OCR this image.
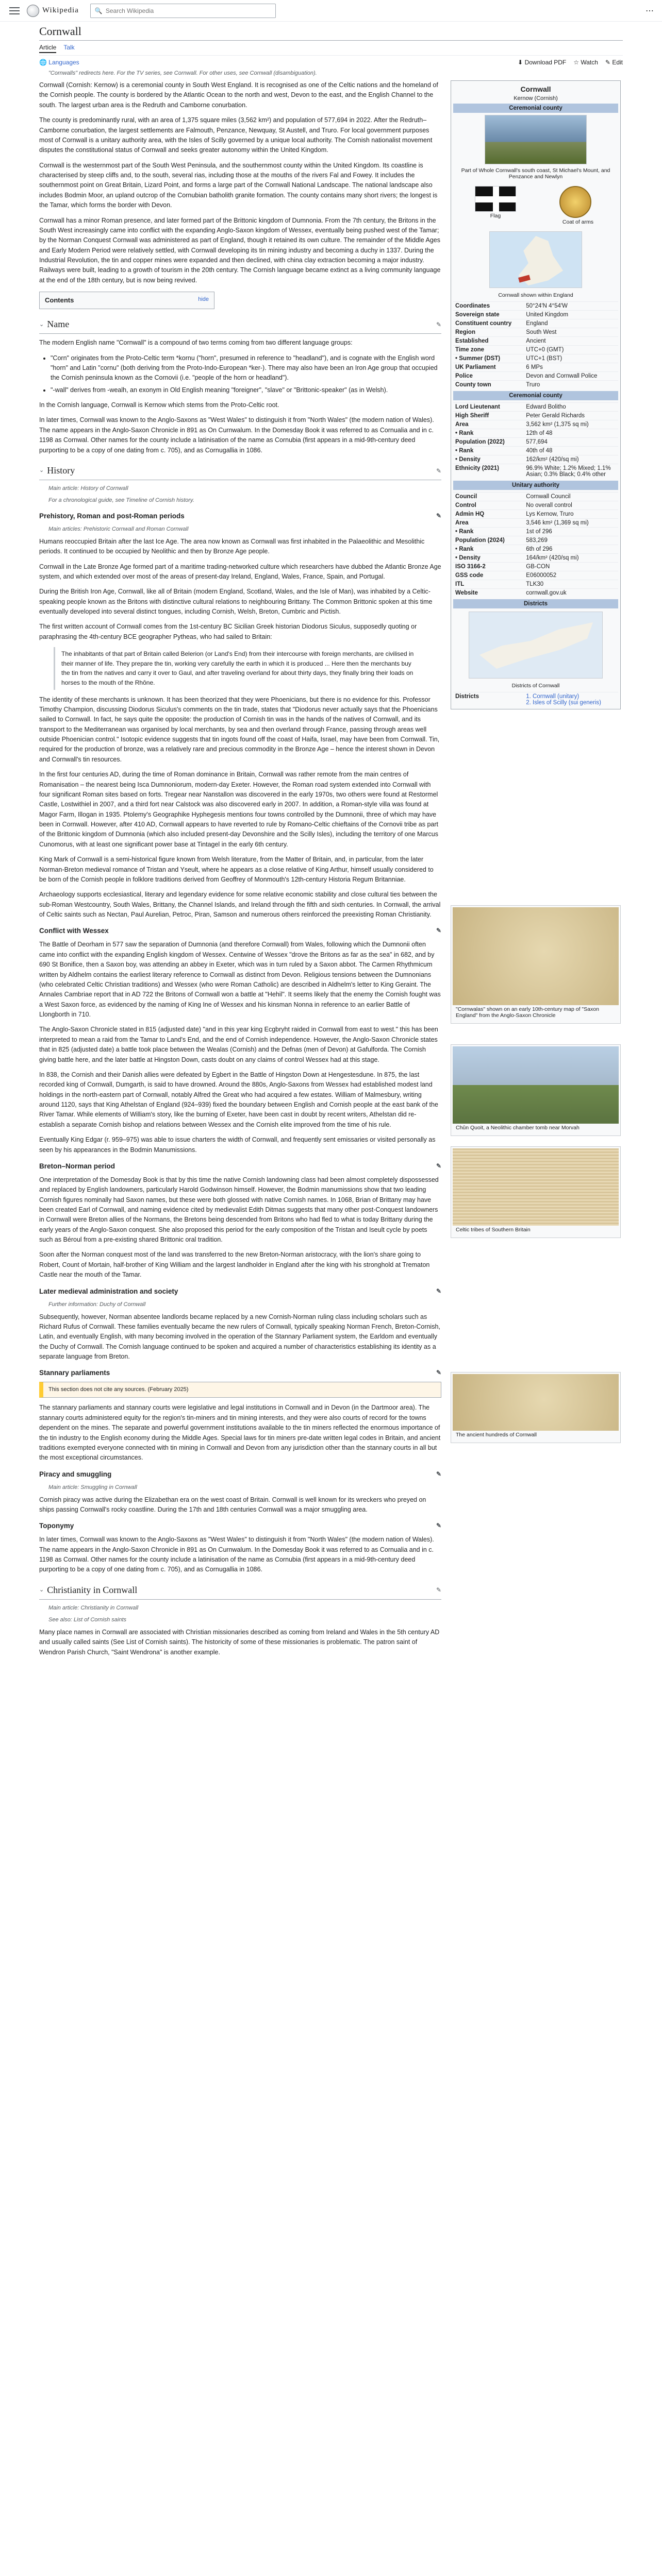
Wikipedia	🔍
Search Wikipedia	⋯
Cornwall
Article Talk
🌐 Languages	⬇ Download PDF ☆ Watch ✎ Edit
"Cornwalls" redirects here. For the TV series, see Cornwall. For other uses, see Cornwall (disambiguation).

Cornwall (Cornish: Kernow) is a ceremonial county in South West England. It is recognised as one of the Celtic nations and the homeland of the Cornish people. The county is bordered by the Atlantic Ocean to the north and west, Devon to the east, and the English Channel to the south. The largest urban area is the Redruth and Camborne conurbation.

The county is predominantly rural, with an area of 1,375 square miles (3,562 km²) and population of 577,694 in 2022. After the Redruth–Camborne conurbation, the largest settlements are Falmouth, Penzance, Newquay, St Austell, and Truro. For local government purposes most of Cornwall is a unitary authority area, with the Isles of Scilly governed by a unique local authority. The Cornish nationalist movement disputes the constitutional status of Cornwall and seeks greater autonomy within the United Kingdom.

Cornwall is the westernmost part of the South West Peninsula, and the southernmost county within the United Kingdom. Its coastline is characterised by steep cliffs and, to the south, several rias, including those at the mouths of the rivers Fal and Fowey. It includes the southernmost point on Great Britain, Lizard Point, and forms a large part of the Cornwall National Landscape. The national landscape also includes Bodmin Moor, an upland outcrop of the Cornubian batholith granite formation. The county contains many short rivers; the longest is the Tamar, which forms the border with Devon.

Cornwall has a minor Roman presence, and later formed part of the Brittonic kingdom of Dumnonia. From the 7th century, the Britons in the South West increasingly came into conflict with the expanding Anglo-Saxon kingdom of Wessex, eventually being pushed west of the Tamar; by the Norman Conquest Cornwall was administered as part of England, though it retained its own culture. The remainder of the Middle Ages and Early Modern Period were relatively settled, with Cornwall developing its tin mining industry and becoming a duchy in 1337. During the Industrial Revolution, the tin and copper mines were expanded and then declined, with china clay extraction becoming a major industry. Railways were built, leading to a growth of tourism in the 20th century. The Cornish language became extinct as a living community language at the end of the 18th century, but is now being revived.

Contents	hide
⌄ Name	✎

The modern English name "Cornwall" is a compound of two terms coming from two different language groups:

• "Corn" originates from the Proto-Celtic term *kornu ("horn", presumed in reference to "headland"), and is cognate with the English word "horn" and Latin "cornu" (both deriving from the Proto-Indo-European *ker-). There may also have been an Iron Age group that occupied the Cornish peninsula known as the Cornovii (i.e. "people of the horn or headland").
• "-wall" derives from -wealh, an exonym in Old English meaning "foreigner", "slave" or "Brittonic-speaker" (as in Welsh).

In the Cornish language, Cornwall is Kernow which stems from the Proto-Celtic root.

In later times, Cornwall was known to the Anglo-Saxons as "West Wales" to distinguish it from "North Wales" (the modern nation of Wales). The name appears in the Anglo-Saxon Chronicle in 891 as On Curnwalum. In the Domesday Book it was referred to as Cornualia and in c. 1198 as Cornwal. Other names for the county include a latinisation of the name as Cornubia (first appears in a mid-9th-century deed purporting to be a copy of one dating from c. 705), and as Cornugallia in 1086.

⌄ History	✎
Main article: History of Cornwall
For a chronological guide, see Timeline of Cornish history.
Prehistory, Roman and post-Roman periods	✎
Main articles: Prehistoric Cornwall and Roman Cornwall

Humans reoccupied Britain after the last Ice Age. The area now known as Cornwall was first inhabited in the Palaeolithic and Mesolithic periods. It continued to be occupied by Neolithic and then by Bronze Age people.

Cornwall in the Late Bronze Age formed part of a maritime trading-networked culture which researchers have dubbed the Atlantic Bronze Age system, and which extended over most of the areas of present-day Ireland, England, Wales, France, Spain, and Portugal.

During the British Iron Age, Cornwall, like all of Britain (modern England, Scotland, Wales, and the Isle of Man), was inhabited by a Celtic-speaking people known as the Britons with distinctive cultural relations to neighbouring Brittany. The Common Brittonic spoken at this time eventually developed into several distinct tongues, including Cornish, Welsh, Breton, Cumbric and Pictish.

The first written account of Cornwall comes from the 1st-century BC Sicilian Greek historian Diodorus Siculus, supposedly quoting or paraphrasing the 4th-century BCE geographer Pytheas, who had sailed to Britain:

The inhabitants of that part of Britain called Belerion (or Land's End) from their intercourse with foreign merchants, are civilised in their manner of life. They prepare the tin, working very carefully the earth in which it is produced ... Here then the merchants buy the tin from the natives and carry it over to Gaul, and after traveling overland for about thirty days, they finally bring their loads on horses to the mouth of the Rhône.

The identity of these merchants is unknown. It has been theorized that they were Phoenicians, but there is no evidence for this. Professor Timothy Champion, discussing Diodorus Siculus's comments on the tin trade, states that "Diodorus never actually says that the Phoenicians sailed to Cornwall. In fact, he says quite the opposite: the production of Cornish tin was in the hands of the natives of Cornwall, and its transport to the Mediterranean was organised by local merchants, by sea and then overland through France, passing through areas well outside Phoenician control." Isotopic evidence suggests that tin ingots found off the coast of Haifa, Israel, may have been from Cornwall. Tin, required for the production of bronze, was a relatively rare and precious commodity in the Bronze Age – hence the interest shown in Devon and Cornwall's tin resources.

In the first four centuries AD, during the time of Roman dominance in Britain, Cornwall was rather remote from the main centres of Romanisation – the nearest being Isca Dumnoniorum, modern-day Exeter. However, the Roman road system extended into Cornwall with four significant Roman sites based on forts. Tregear near Nanstallon was discovered in the early 1970s, two others were found at Restormel Castle, Lostwithiel in 2007, and a third fort near Calstock was also discovered early in 2007. In addition, a Roman-style villa was found at Magor Farm, Illogan in 1935. Ptolemy's Geographike Hyphegesis mentions four towns controlled by the Dumnonii, three of which may have been in Cornwall. However, after 410 AD, Cornwall appears to have reverted to rule by Romano-Celtic chieftains of the Cornovii tribe as part of the Brittonic kingdom of Dumnonia (which also included present-day Devonshire and the Scilly Isles), including the territory of one Marcus Cunomorus, with at least one significant power base at Tintagel in the early 6th century.

King Mark of Cornwall is a semi-historical figure known from Welsh literature, from the Matter of Britain, and, in particular, from the later Norman-Breton medieval romance of Tristan and Yseult, where he appears as a close relative of King Arthur, himself usually considered to be born of the Cornish people in folklore traditions derived from Geoffrey of Monmouth's 12th-century Historia Regum Britanniae.

Archaeology supports ecclesiastical, literary and legendary evidence for some relative economic stability and close cultural ties between the sub-Roman Westcountry, South Wales, Brittany, the Channel Islands, and Ireland through the fifth and sixth centuries. In Cornwall, the arrival of Celtic saints such as Nectan, Paul Aurelian, Petroc, Piran, Samson and numerous others reinforced the preexisting Roman Christianity.

Conflict with Wessex	✎

The Battle of Deorham in 577 saw the separation of Dumnonia (and therefore Cornwall) from Wales, following which the Dumnonii often came into conflict with the expanding English kingdom of Wessex. Centwine of Wessex "drove the Britons as far as the sea" in 682, and by 690 St Bonifice, then a Saxon boy, was attending an abbey in Exeter, which was in turn ruled by a Saxon abbot. The Carmen Rhythmicum written by Aldhelm contains the earliest literary reference to Cornwall as distinct from Devon. Religious tensions between the Dumnonians (who celebrated Celtic Christian traditions) and Wessex (who were Roman Catholic) are described in Aldhelm's letter to King Geraint. The Annales Cambriae report that in AD 722 the Britons of Cornwall won a battle at "Hehil". It seems likely that the enemy the Cornish fought was a West Saxon force, as evidenced by the naming of King Ine of Wessex and his kinsman Nonna in reference to an earlier Battle of Llongborth in 710.

The Anglo-Saxon Chronicle stated in 815 (adjusted date) "and in this year king Ecgbryht raided in Cornwall from east to west." this has been interpreted to mean a raid from the Tamar to Land's End, and the end of Cornish independence. However, the Anglo-Saxon Chronicle states that in 825 (adjusted date) a battle took place between the Wealas (Cornish) and the Defnas (men of Devon) at Gafulforda. The Cornish giving battle here, and the later battle at Hingston Down, casts doubt on any claims of control Wessex had at this stage.

In 838, the Cornish and their Danish allies were defeated by Egbert in the Battle of Hingston Down at Hengestesdune. In 875, the last recorded king of Cornwall, Dumgarth, is said to have drowned. Around the 880s, Anglo-Saxons from Wessex had established modest land holdings in the north-eastern part of Cornwall, notably Alfred the Great who had acquired a few estates. William of Malmesbury, writing around 1120, says that King Athelstan of England (924–939) fixed the boundary between English and Cornish people at the east bank of the River Tamar. While elements of William's story, like the burning of Exeter, have been cast in doubt by recent writers, Athelstan did re-establish a separate Cornish bishop and relations between Wessex and the Cornish elite improved from the time of his rule.

Eventually King Edgar (r. 959–975) was able to issue charters the width of Cornwall, and frequently sent emissaries or visited personally as seen by his appearances in the Bodmin Manumissions.

Breton–Norman period	✎

One interpretation of the Domesday Book is that by this time the native Cornish landowning class had been almost completely dispossessed and replaced by English landowners, particularly Harold Godwinson himself. However, the Bodmin manumissions show that two leading Cornish figures nominally had Saxon names, but these were both glossed with native Cornish names. In 1068, Brian of Brittany may have been created Earl of Cornwall, and naming evidence cited by medievalist Edith Ditmas suggests that many other post-Conquest landowners in Cornwall were Breton allies of the Normans, the Bretons being descended from Britons who had fled to what is today Brittany during the early years of the Anglo-Saxon conquest. She also proposed this period for the early composition of the Tristan and Iseult cycle by poets such as Béroul from a pre-existing shared Brittonic oral tradition.

Soon after the Norman conquest most of the land was transferred to the new Breton-Norman aristocracy, with the lion's share going to Robert, Count of Mortain, half-brother of King William and the largest landholder in England after the king with his stronghold at Trematon Castle near the mouth of the Tamar.

Later medieval administration and society	✎
Further information: Duchy of Cornwall

Subsequently, however, Norman absentee landlords became replaced by a new Cornish-Norman ruling class including scholars such as Richard Rufus of Cornwall. These families eventually became the new rulers of Cornwall, typically speaking Norman French, Breton-Cornish, Latin, and eventually English, with many becoming involved in the operation of the Stannary Parliament system, the Earldom and eventually the Duchy of Cornwall. The Cornish language continued to be spoken and acquired a number of characteristics establishing its identity as a separate language from Breton.

Stannary parliaments	✎
This section does not cite any sources. (February 2025)

The stannary parliaments and stannary courts were legislative and legal institutions in Cornwall and in Devon (in the Dartmoor area). The stannary courts administered equity for the region's tin-miners and tin mining interests, and they were also courts of record for the towns dependent on the mines. The separate and powerful government institutions available to the tin miners reflected the enormous importance of the tin industry to the English economy during the Middle Ages. Special laws for tin miners pre-date written legal codes in Britain, and ancient traditions exempted everyone connected with tin mining in Cornwall and Devon from any jurisdiction other than the stannary courts in all but the most exceptional circumstances.

Piracy and smuggling	✎
Main article: Smuggling in Cornwall

Cornish piracy was active during the Elizabethan era on the west coast of Britain. Cornwall is well known for its wreckers who preyed on ships passing Cornwall's rocky coastline. During the 17th and 18th centuries Cornwall was a major smuggling area.

Toponymy	✎

In later times, Cornwall was known to the Anglo-Saxons as "West Wales" to distinguish it from "North Wales" (the modern nation of Wales). The name appears in the Anglo-Saxon Chronicle in 891 as On Curnwalum. In the Domesday Book it was referred to as Cornualia and in c. 1198 as Cornwal. Other names for the county include a latinisation of the name as Cornubia (first appears in a mid-9th-century deed purporting to be a copy of one dating from c. 705), and as Cornugallia in 1086.

⌄ Christianity in Cornwall	✎
Main article: Christianity in Cornwall
See also: List of Cornish saints

Many place names in Cornwall are associated with Christian missionaries described as coming from Ireland and Wales in the 5th century AD and usually called saints (See List of Cornish saints). The historicity of some of these missionaries is problematic. The patron saint of Wendron Parish Church, "Saint Wendrona" is another example.

Cornwall
Kernow (Cornish)
Ceremonial county
Part of Whole Cornwall's south coast, St Michael's Mount, and Penzance and Newlyn
Flag
Coat of arms
Cornwall shown within England
Coordinates	50°24′N 4°54′W
Sovereign state	United Kingdom
Constituent country	England
Region	South West
Established	Ancient
Time zone	UTC+0 (GMT)
• Summer (DST)	UTC+1 (BST)
UK Parliament	6 MPs
Police	Devon and Cornwall Police
County town	Truro
Ceremonial county
Lord Lieutenant	Edward Bolitho
High Sheriff	Peter Gerald Richards
Area	3,562 km² (1,375 sq mi)
• Rank	12th of 48
Population (2022)	577,694
• Rank	40th of 48
• Density	162/km² (420/sq mi)
Ethnicity (2021)	96.9% White; 1.2% Mixed; 1.1% Asian; 0.3% Black; 0.4% other
Unitary authority
Council	Cornwall Council
Control	No overall control
Admin HQ	Lys Kernow, Truro
Area	3,546 km² (1,369 sq mi)
• Rank	1st of 296
Population (2024)	583,269
• Rank	6th of 296
• Density	164/km² (420/sq mi)
ISO 3166-2	GB-CON
GSS code	E06000052
ITL	TLK30
Website	cornwall.gov.uk
Districts
Districts of Cornwall
Districts	1. Cornwall (unitary)
2. Isles of Scilly (sui generis)
"Cornwalas" shown on an early 10th-century map of "Saxon England" from the Anglo-Saxon Chronicle
Chûn Quoit, a Neolithic chamber tomb near Morvah
Celtic tribes of Southern Britain
The ancient hundreds of Cornwall
